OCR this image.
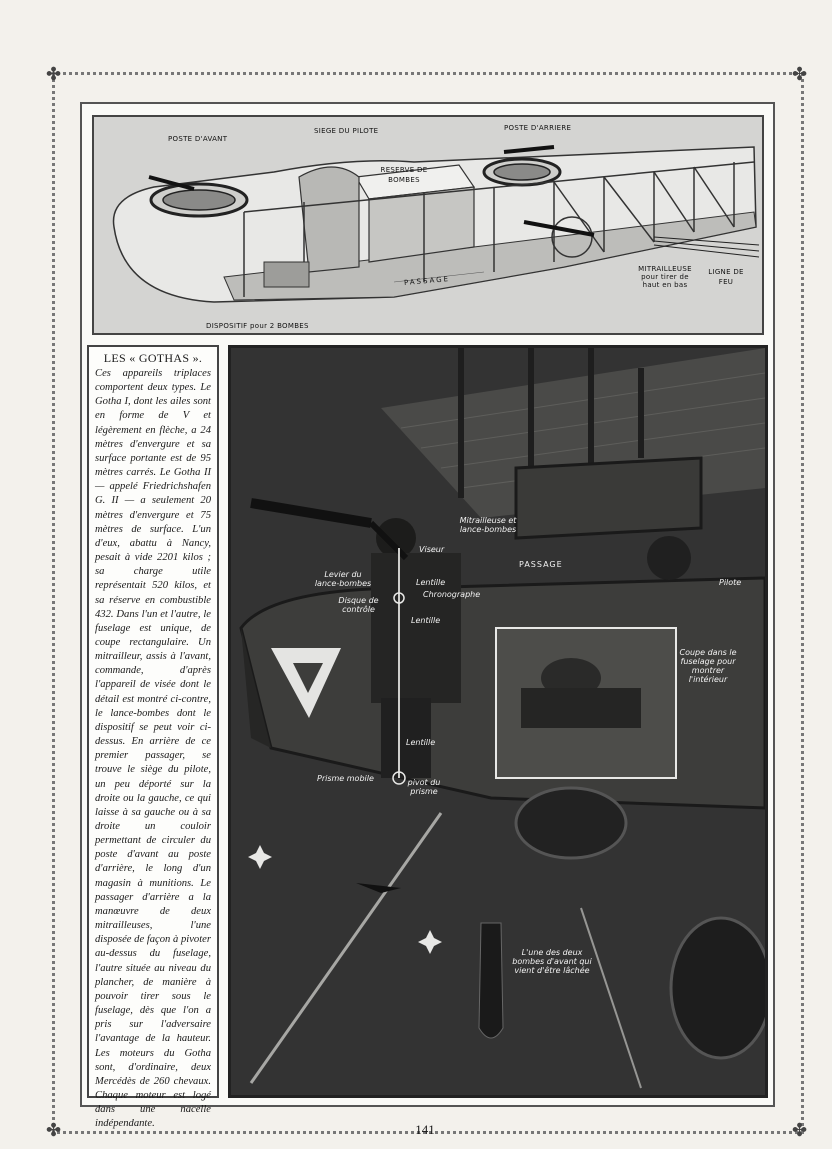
✤	✤
✤	✤
POSTE D'AVANT
SIEGE DU PILOTE	POSTE D'ARRIERE
RESERVE DE BOMBES
PASSAGE
MITRAILLEUSE pour tirer de haut en bas
LIGNE DE FEU
DISPOSITIF pour 2 BOMBES
LES « GOTHAS ».

Ces appareils triplaces comportent deux types. Le Gotha I, dont les ailes sont en forme de V et légèrement en flèche, a 24 mètres d'envergure et sa surface portante est de 95 mètres carrés. Le Gotha II — appelé Friedrichshafen G. II — a seulement 20 mètres d'envergure et 75 mètres de surface. L'un d'eux, abattu à Nancy, pesait à vide 2201 kilos ; sa charge utile représentait 520 kilos, et sa réserve en combustible 432. Dans l'un et l'autre, le fuselage est unique, de coupe rectangulaire. Un mitrailleur, assis à l'avant, commande, d'après l'appareil de visée dont le détail est montré ci-contre, le lance-bombes dont le dispositif se peut voir ci-dessus. En arrière de ce premier passager, se trouve le siège du pilote, un peu déporté sur la droite ou la gauche, ce qui laisse à sa gauche ou à sa droite un couloir permettant de circuler du poste d'avant au poste d'arrière, le long d'un magasin à munitions. Le passager d'arrière a la manœuvre de deux mitrailleuses, l'une disposée de façon à pivoter au-dessus du fuselage, l'autre située au niveau du plancher, de manière à pouvoir tirer sous le fuselage, dès que l'on a pris sur l'adversaire l'avantage de la hauteur. Les moteurs du Gotha sont, d'ordinaire, deux Mercédès de 260 chevaux. Chaque moteur est logé dans une nacelle indépendante.

Mitrailleuse et lance-bombes
PASSAGE
Viseur
Levier du lance-bombes	Lentille
Chronographe
Disque de contrôle
Lentille
Pilote
Coupe dans le fuselage pour montrer l'intérieur
Lentille
Prisme mobile	pivot du prisme
L'une des deux bombes d'avant qui vient d'être lâchée
141
